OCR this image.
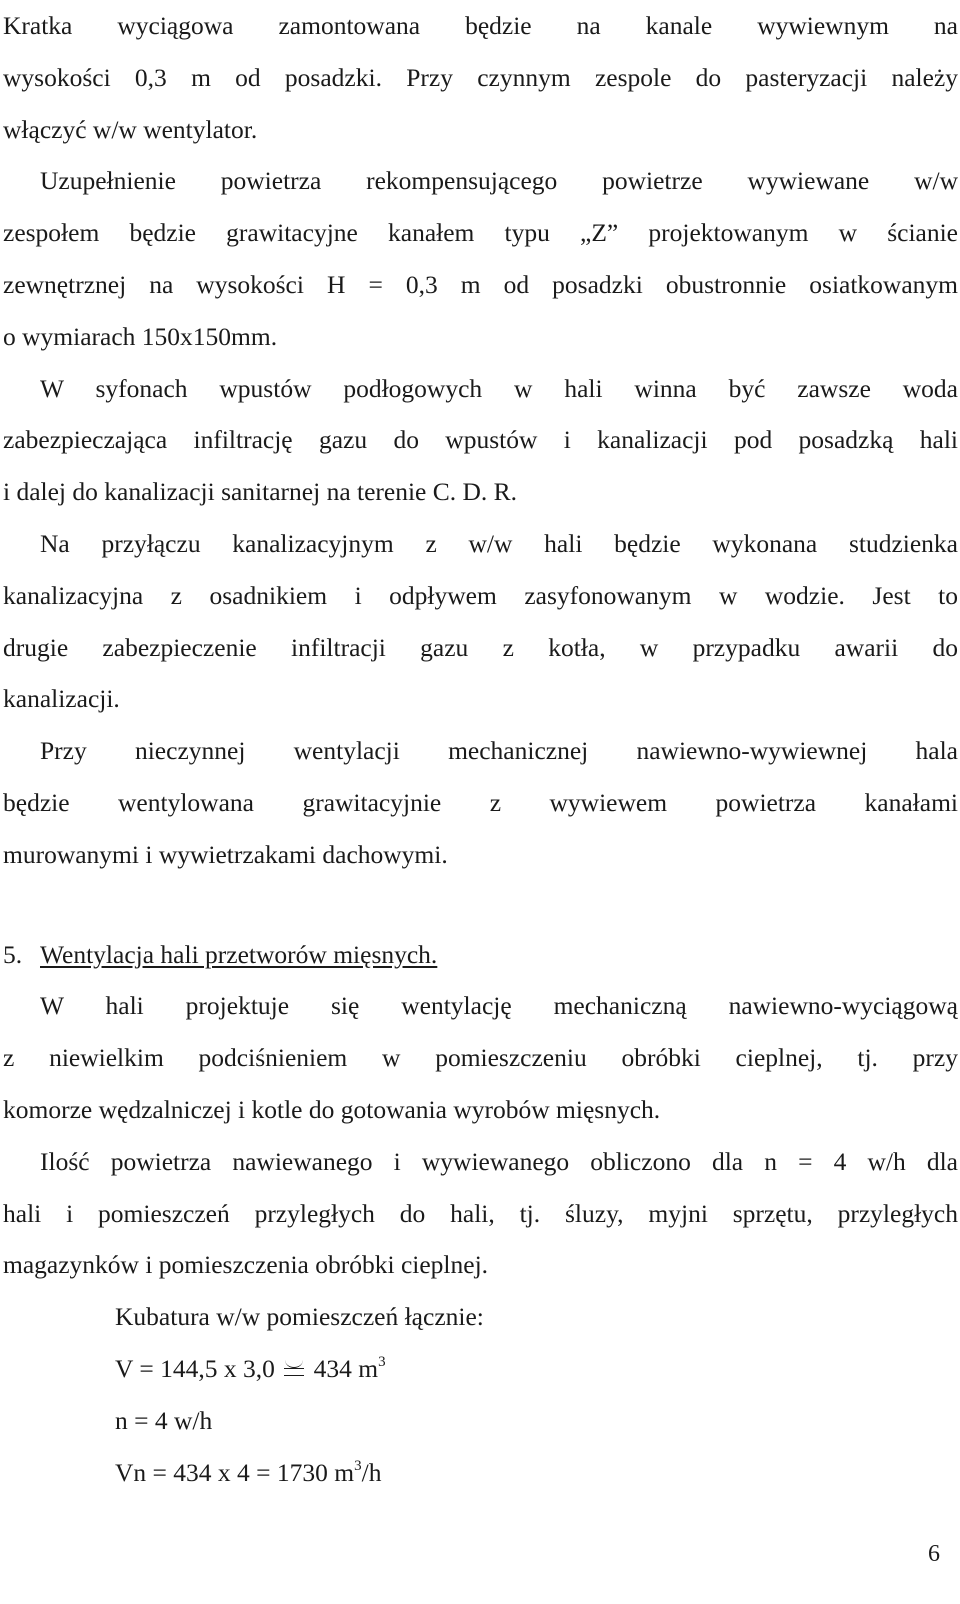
Kratka wyciągowa zamontowana będzie na kanale wywiewnym na
wysokości 0,3 m od posadzki. Przy czynnym zespole do pasteryzacji należy
włączyć w/w wentylator.
Uzupełnienie powietrza rekompensującego powietrze wywiewane w/w
zespołem będzie grawitacyjne kanałem typu „Z” projektowanym w ścianie
zewnętrznej na wysokości H = 0,3 m od posadzki obustronnie osiatkowanym
o wymiarach 150x150mm.
W syfonach wpustów podłogowych w hali winna być zawsze woda
zabezpieczająca infiltrację gazu do wpustów i kanalizacji pod posadzką hali
i dalej do kanalizacji sanitarnej na terenie C. D. R.
Na przyłączu kanalizacyjnym z w/w hali będzie wykonana studzienka
kanalizacyjna z osadnikiem i odpływem zasyfonowanym w wodzie. Jest to
drugie zabezpieczenie infiltracji gazu z kotła, w przypadku awarii do
kanalizacji.
Przy nieczynnej wentylacji mechanicznej nawiewno-wywiewnej hala
będzie wentylowana grawitacyjnie z wywiewem powietrza kanałami
murowanymi i wywietrzakami dachowymi.
5. Wentylacja hali przetworów mięsnych.
W hali projektuje się wentylację mechaniczną nawiewno-wyciągową
z niewielkim podciśnieniem w pomieszczeniu obróbki cieplnej, tj. przy
komorze wędzalniczej i kotle do gotowania wyrobów mięsnych.
Ilość powietrza nawiewanego i wywiewanego obliczono dla n = 4 w/h dla
hali i pomieszczeń przyległych do hali, tj. śluzy, myjni sprzętu, przyległych
magazynków i pomieszczenia obróbki cieplnej.
Kubatura w/w pomieszczeń łącznie:
V = 144,5 x 3,0 434 $m^3$
n = 4 w/h
Vn = 434 x 4 = 1730 $m^3/h$
6
